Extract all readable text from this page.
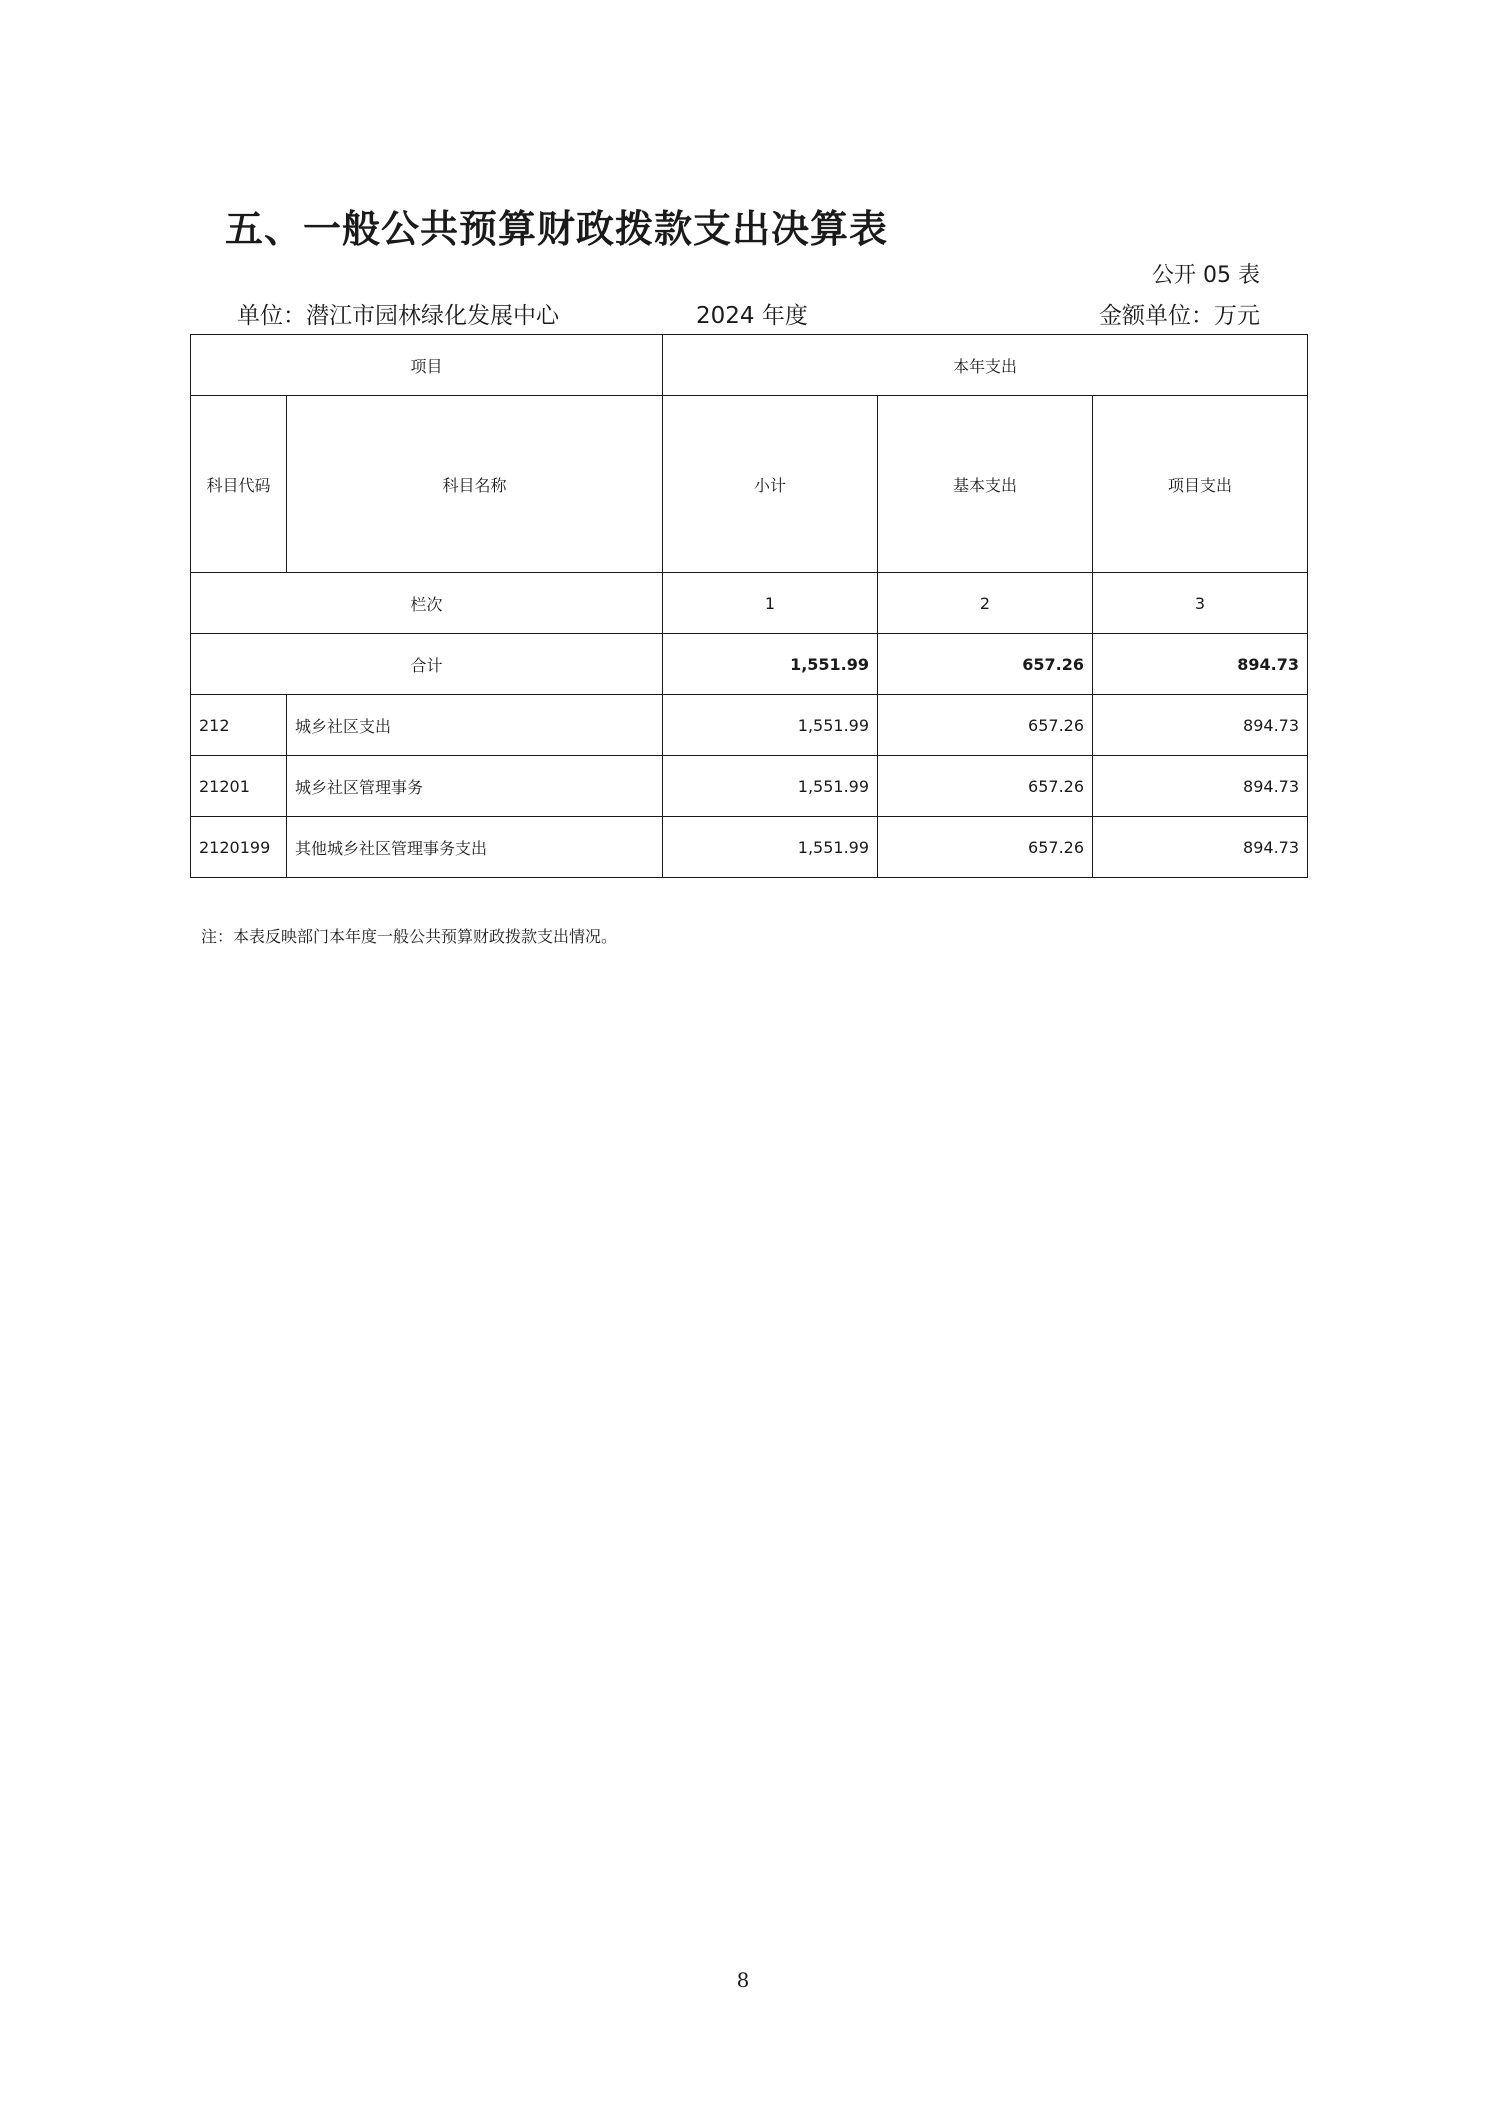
五、一般公共预算财政拨款支出决算表
公开 05 表
单位：潜江市园林绿化发展中心	2024 年度	金额单位：万元
项目		本年支出		
科目代码	科目名称	小计	基本支出	项目支出
栏次		1	2	3
合计		1,551.99	657.26	894.73
212	城乡社区支出	1,551.99	657.26	894.73
21201	城乡社区管理事务	1,551.99	657.26	894.73
2120199	其他城乡社区管理事务支出	1,551.99	657.26	894.73
注：本表反映部门本年度一般公共预算财政拨款支出情况。
8
